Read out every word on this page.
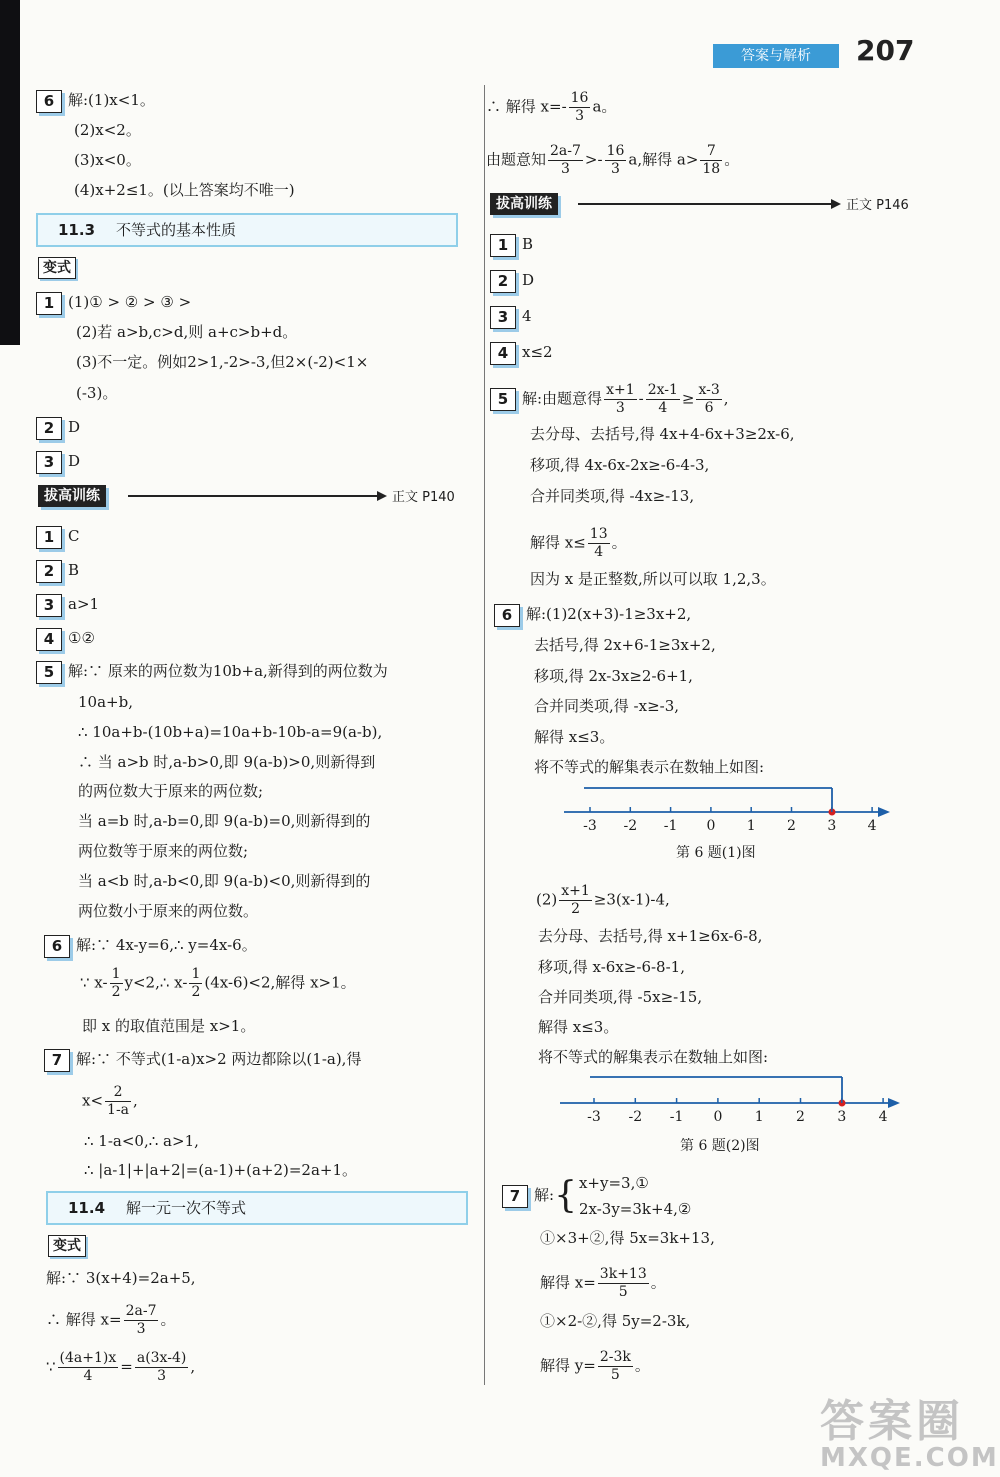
答案与解析	207
6 解:(1)x<1。
(2)x<2。
(3)x<0。
(4)x+2≤1。(以上答案均不唯一)
11.3 不等式的基本性质
变式
1 (1)① > ② > ③ >
(2)若 a>b,c>d,则 a+c>b+d。
(3)不一定。例如2>1,-2>-3,但2×(-2)<1×
(-3)。
2 D
3 D
拔高训练	正文 P140
1 C
2 B
3 a>1
4 ①②
5 解:∵ 原来的两位数为10b+a,新得到的两位数为
10a+b,
∴ 10a+b-(10b+a)=10a+b-10b-a=9(a-b),
∴ 当 a>b 时,a-b>0,即 9(a-b)>0,则新得到
的两位数大于原来的两位数;
当 a=b 时,a-b=0,即 9(a-b)=0,则新得到的
两位数等于原来的两位数;
当 a<b 时,a-b<0,即 9(a-b)<0,则新得到的
两位数小于原来的两位数。
6 解:∵ 4x-y=6,∴ y=4x-6。
∵ $x- \frac{1}{2}$ y<2,∴ $x- \frac{1}{2} (4x-6)<2$,解得 x>1。
即 x 的取值范围是 x>1。
7 解:∵ 不等式(1-a)x>2 两边都除以(1-a),得
$x< \frac{2}{1-a}$ ,
∴ 1-a<0,∴ a>1,
∴ |a-1|+|a+2|=(a-1)+(a+2)=2a+1。
11.4 解一元一次不等式
变式
解:∵ 3(x+4)=2a+5,
∴ 解得 $x= \frac{2a-7}{3}$ 。
∵ $\frac{(4a+1)x}{4} = \frac{a(3x-4)}{3}$ ,
∴ 解得 $x=- \frac{16}{3}$ a。
由题意知 $\frac{2a-7}{3} >- \frac{16}{3} a$,解得 $a> \frac{7}{18}$ 。
拔高训练	正文 P146
1 B
2 D
3 4
4 x≤2
5 解:由题意得 $\frac{x+1}{3} - \frac{2x-1}{4} \ge \frac{x-3}{6}$ ,
去分母、去括号,得 4x+4-6x+3≥2x-6,
移项,得 4x-6x-2x≥-6-4-3,
合并同类项,得 -4x≥-13,
解得 $x\le \frac{13}{4}$ 。
因为 x 是正整数,所以可以取 1,2,3。
6 解:(1)2(x+3)-1≥3x+2,
去括号,得 2x+6-1≥3x+2,
移项,得 2x-3x≥2-6+1,
合并同类项,得 -x≥-3,
解得 x≤3。
将不等式的解集表示在数轴上如图:
-3 -2 -1 0 1 2 3 4
第 6 题(1)图
$(2) \frac{x+1}{2} \ge 3(x-1)-4$,
去分母、去括号,得 x+1≥6x-6-8,
移项,得 x-6x≥-6-8-1,
合并同类项,得 -5x≥-15,
解得 x≤3。
将不等式的解集表示在数轴上如图:
-3 -2 -1 0 1 2 3 4
第 6 题(2)图
7 解:{ x+y=3,①
2x-3y=3k+4,②
①×3+②,得 5x=3k+13,
解得 $x= \frac{3k+13}{5}$ 。
①×2-②,得 5y=2-3k,
解得 $y= \frac{2-3k}{5}$ 。
答案圈
MXQE.COM
